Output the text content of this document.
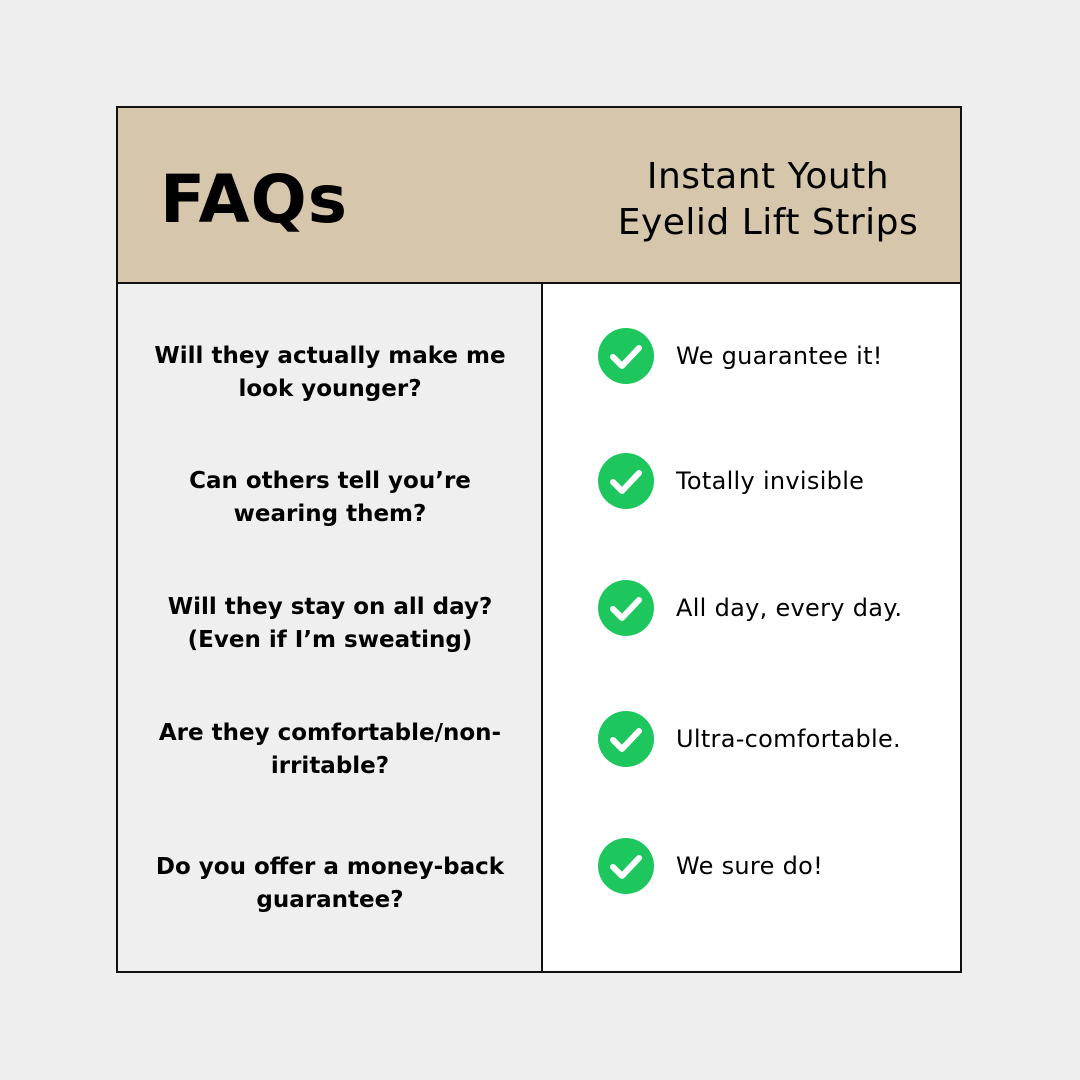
FAQs	Instant Youth
Eyelid Lift Strips

Will they actually make me
look younger?

Can others tell you’re
wearing them?

Will they stay on all day?
(Even if I’m sweating)

Are they comfortable/non-
irritable?

Do you offer a money-back
guarantee?

We guarantee it!
Totally invisible
All day, every day.
Ultra-comfortable.
We sure do!
